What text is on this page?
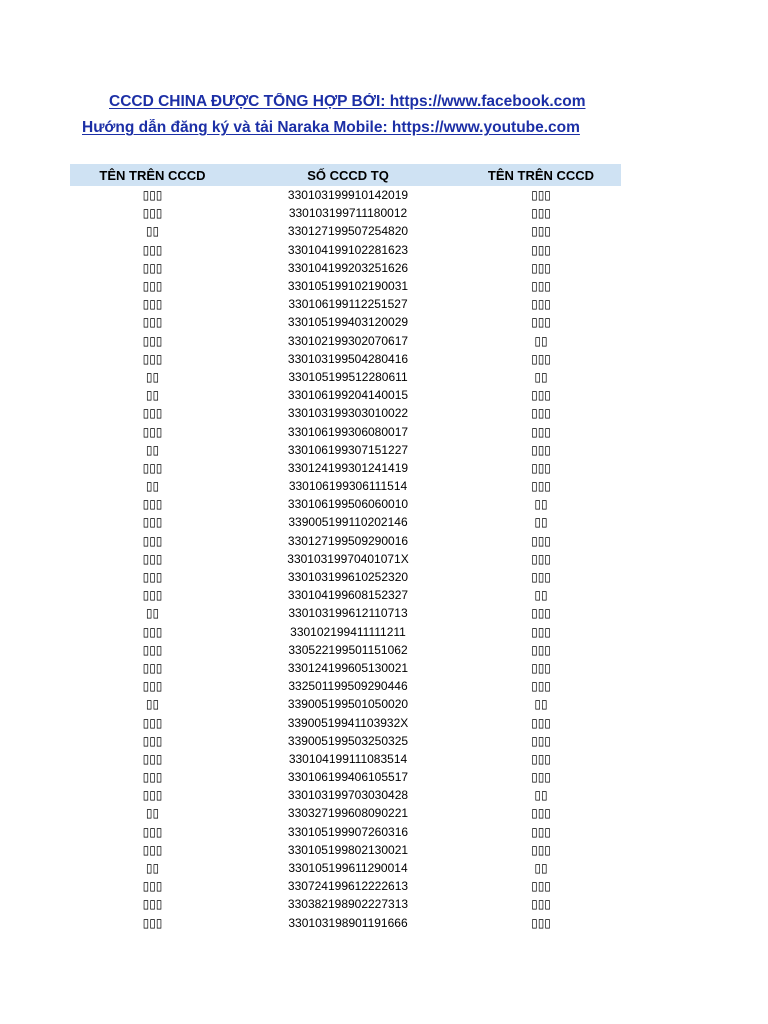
CCCD CHINA ĐƯỢC TỔNG HỢP BỞI: https://www.facebook.com
Hướng dẫn đăng ký và tải Naraka Mobile: https://www.youtube.com
TÊN TRÊN CCCD	SỐ CCCD TQ	TÊN TRÊN CCCD
▯▯▯	330103199910142019	▯▯▯
▯▯▯	330103199711180012	▯▯▯
▯▯	330127199507254820	▯▯▯
▯▯▯	330104199102281623	▯▯▯
▯▯▯	330104199203251626	▯▯▯
▯▯▯	330105199102190031	▯▯▯
▯▯▯	330106199112251527	▯▯▯
▯▯▯	330105199403120029	▯▯▯
▯▯▯	330102199302070617	▯▯
▯▯▯	330103199504280416	▯▯▯
▯▯	330105199512280611	▯▯
▯▯	330106199204140015	▯▯▯
▯▯▯	330103199303010022	▯▯▯
▯▯▯	330106199306080017	▯▯▯
▯▯	330106199307151227	▯▯▯
▯▯▯	330124199301241419	▯▯▯
▯▯	330106199306111514	▯▯▯
▯▯▯	330106199506060010	▯▯
▯▯▯	339005199110202146	▯▯
▯▯▯	330127199509290016	▯▯▯
▯▯▯	33010319970401071X	▯▯▯
▯▯▯	330103199610252320	▯▯▯
▯▯▯	330104199608152327	▯▯
▯▯	330103199612110713	▯▯▯
▯▯▯	330102199411111211	▯▯▯
▯▯▯	330522199501151062	▯▯▯
▯▯▯	330124199605130021	▯▯▯
▯▯▯	332501199509290446	▯▯▯
▯▯	339005199501050020	▯▯
▯▯▯	33900519941103932X	▯▯▯
▯▯▯	339005199503250325	▯▯▯
▯▯▯	330104199111083514	▯▯▯
▯▯▯	330106199406105517	▯▯▯
▯▯▯	330103199703030428	▯▯
▯▯	330327199608090221	▯▯▯
▯▯▯	330105199907260316	▯▯▯
▯▯▯	330105199802130021	▯▯▯
▯▯	330105199611290014	▯▯
▯▯▯	330724199612222613	▯▯▯
▯▯▯	330382198902227313	▯▯▯
▯▯▯	330103198901191666	▯▯▯
